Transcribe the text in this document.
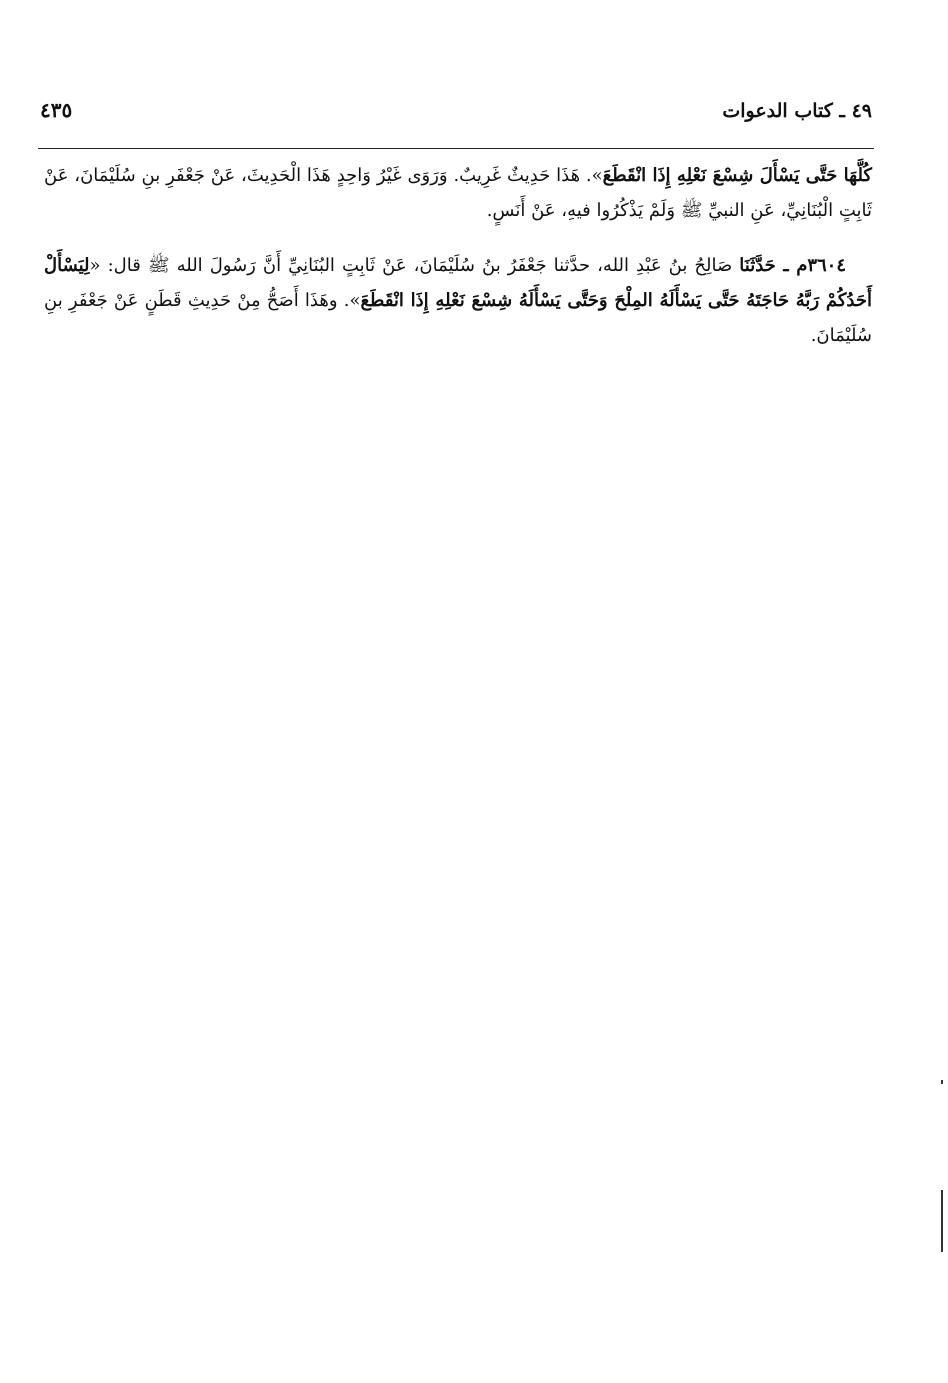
٤٩ ـ كتاب الدعوات
٤٣٥

كُلَّهَا حَتَّى يَسْأَلَ شِسْعَ نَعْلِهِ إِذَا انْقَطَعَ». هَذَا حَدِيثٌ غَرِيبٌ. وَرَوَى غَيْرُ وَاحِدٍ هَذَا الْحَدِيثَ، عَنْ جَعْفَرِ بنِ سُلَيْمَانَ، عَنْ ثَابِتٍ الْبُنَانِيِّ، عَنِ النبيِّ ﷺ وَلَمْ يَذْكُرُوا فيهِ، عَنْ أَنَسٍ.

٣٦٠٤م ـ حَدَّثَنَا صَالِحُ بنُ عَبْدِ الله، حدَّثنا جَعْفَرُ بنُ سُلَيْمَانَ، عَنْ ثَابِتٍ البُنَانِيِّ أَنَّ رَسُولَ الله ﷺ قال: «لِيَسْأَلْ أَحَدُكُمْ رَبَّهُ حَاجَتَهُ حَتَّى يَسْأَلَهُ المِلْحَ وَحَتَّى يَسْأَلَهُ شِسْعَ نَعْلِهِ إِذَا انْقَطَعَ». وهَذَا أَصَحُّ مِنْ حَدِيثِ قَطَنٍ عَنْ جَعْفَرِ بنِ سُلَيْمَانَ.
